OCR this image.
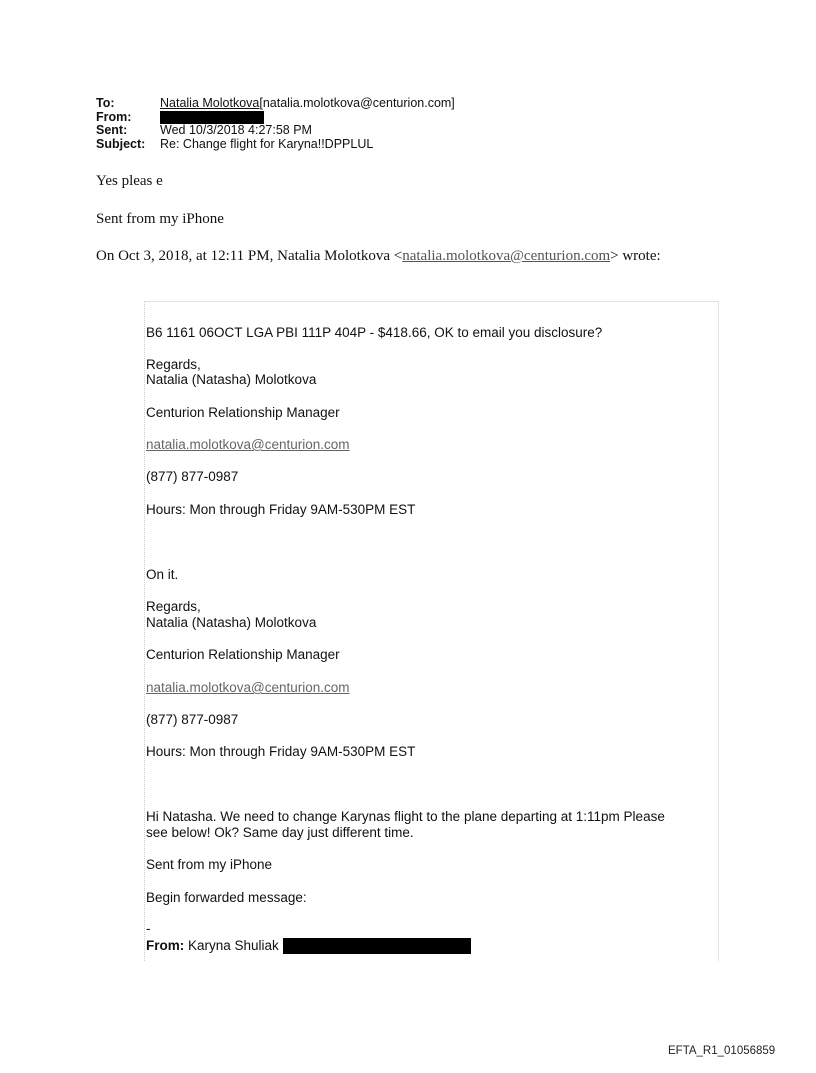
To:	Natalia Molotkova[natalia.molotkova@centurion.com]
From:
Sent:	Wed 10/3/2018 4:27:58 PM
Subject:	Re: Change flight for Karyna!!DPPLUL
Yes pleas e
Sent from my iPhone
On Oct 3, 2018, at 12:11 PM, Natalia Molotkova <natalia.molotkova@centurion.com> wrote:
B6 1161 06OCT LGA PBI 111P 404P - $418.66, OK to email you disclosure?
Regards,
Natalia (Natasha) Molotkova
Centurion Relationship Manager
natalia.molotkova@centurion.com
(877) 877-0987
Hours: Mon through Friday 9AM-530PM EST
On it.
Regards,
Natalia (Natasha) Molotkova
Centurion Relationship Manager
natalia.molotkova@centurion.com
(877) 877-0987
Hours: Mon through Friday 9AM-530PM EST
Hi Natasha. We need to change Karynas flight to the plane departing at 1:11pm Please
see below! Ok? Same day just different time.
Sent from my iPhone
Begin forwarded message:
-
From: Karyna Shuliak
EFTA_R1_01056859
